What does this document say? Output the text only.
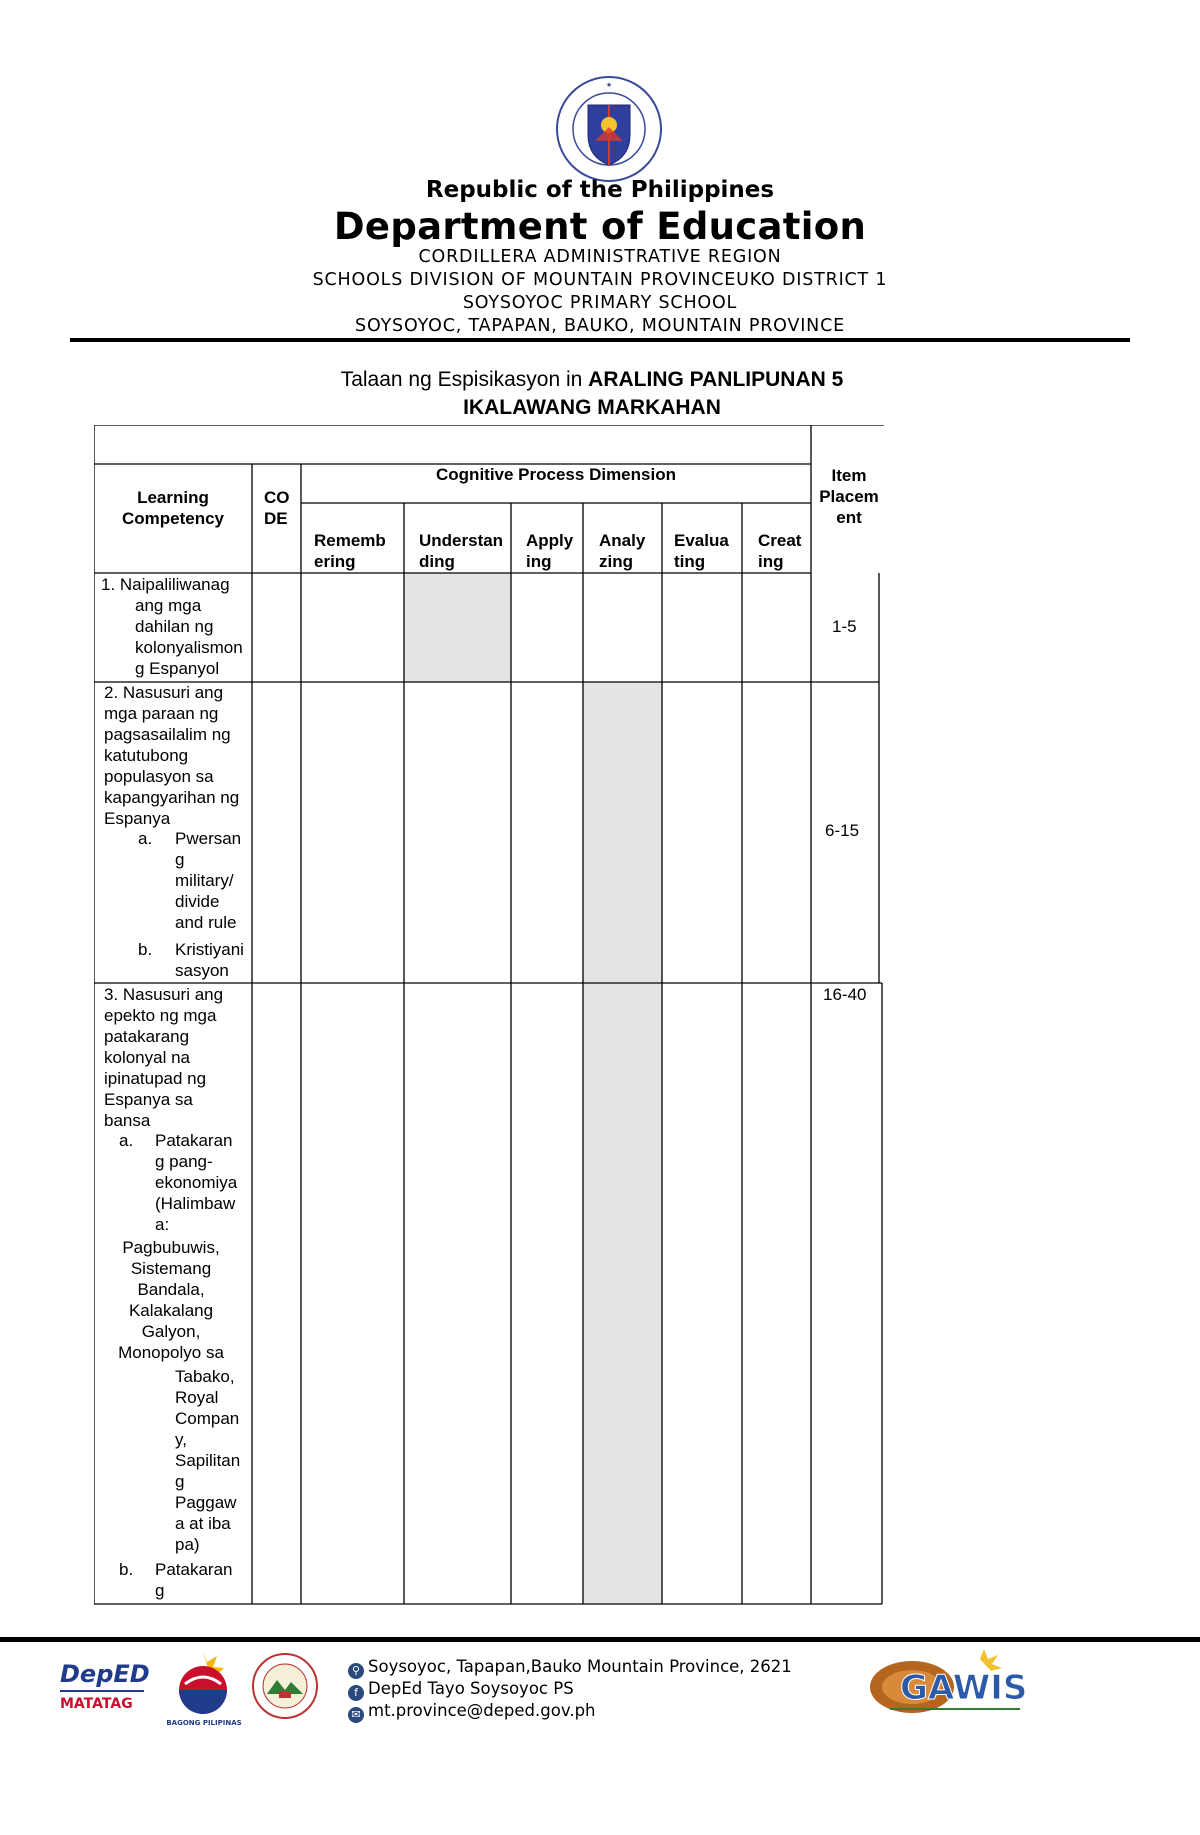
★
Republic of the Philippines
Department of Education
CORDILLERA ADMINISTRATIVE REGION
SCHOOLS DIVISION OF MOUNTAIN PROVINCEUKO DISTRICT 1
SOYSOYOC PRIMARY SCHOOL
SOYSOYOC, TAPAPAN, BAUKO, MOUNTAIN PROVINCE
Talaan ng Espisikasyon in ARALING PANLIPUNAN 5
IKALAWANG MARKAHAN
Learning
Competency
CO
DE
Cognitive Process Dimension	Item
Placem
ent
Rememb
ering
Understan
ding
Apply
ing
Analy
zing
Evalua
ting
Creat
ing
1. Naipaliliwanag
ang mga
dahilan ng
kolonyalismon
g Espanyol
1-5
2. Nasusuri ang
mga paraan ng
pagsasailalim ng
katutubong
populasyon sa
kapangyarihan ng
Espanya
a. Pwersan
g
military/
divide
and rule
b. Kristiyani
sasyon
6-15
3. Nasusuri ang
epekto ng mga
patakarang
kolonyal na
ipinatupad ng
Espanya sa
bansa
a. Patakaran
g pang-
ekonomiya
(Halimbaw
a:
Pagbubuwis,
Sistemang
Bandala,
Kalakalang
Galyon,
Monopolyo sa
Tabako,
Royal
Compan
y,
Sapilitan
g
Paggaw
a at iba
pa)
b. Patakaran
g
16-40
DepED
MATATAG
BAGONG PILIPINAS
⚲ Soysoyoc, Tapapan,Bauko Mountain Province, 2621
f DepEd Tayo Soysoyoc PS
✉ mt.province@deped.gov.ph
GAWIS
